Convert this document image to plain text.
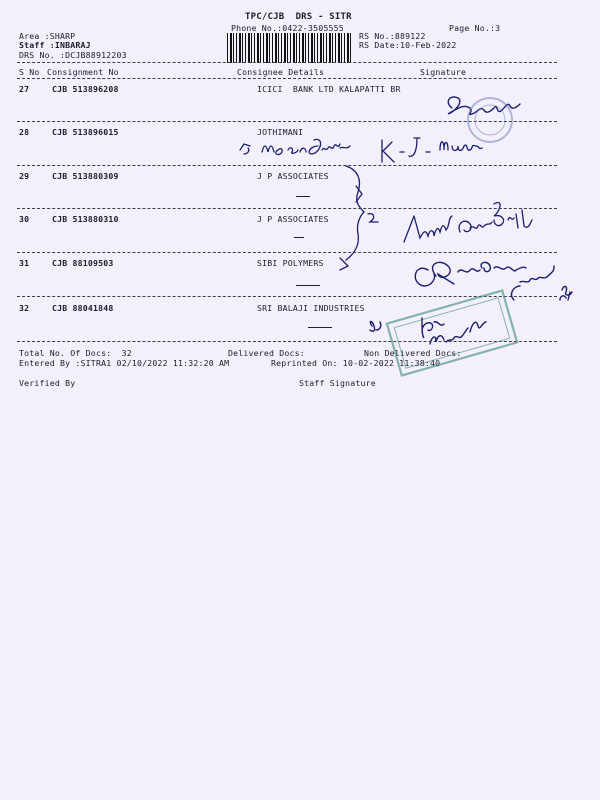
TPC/CJB  DRS - SITR
Phone No.:0422-3505555	Page No.:3
Area :SHARP
Staff :INBARAJ
DRS No. :DCJB88912203
RS No.:889122
RS Date:10-Feb-2022
S No Consignment No	Consignee Details	Signature
27	CJB 513896208	ICICI  BANK LTD KALAPATTI BR
28	CJB 513896015	JOTHIMANI
29	CJB 513880309	J P ASSOCIATES
30	CJB 513880310	J P ASSOCIATES
31	CJB 88109503	SIBI POLYMERS
32	CJB 88041848	SRI BALAJI INDUSTRIES
Total No. Of Docs:  32	Delivered Docs:	Non Delivered Docs:
Entered By :SITRA1 02/10/2022 11:32:20 AM	Reprinted On: 10-02-2022 11:38:40
Verified By	Staff Signature
